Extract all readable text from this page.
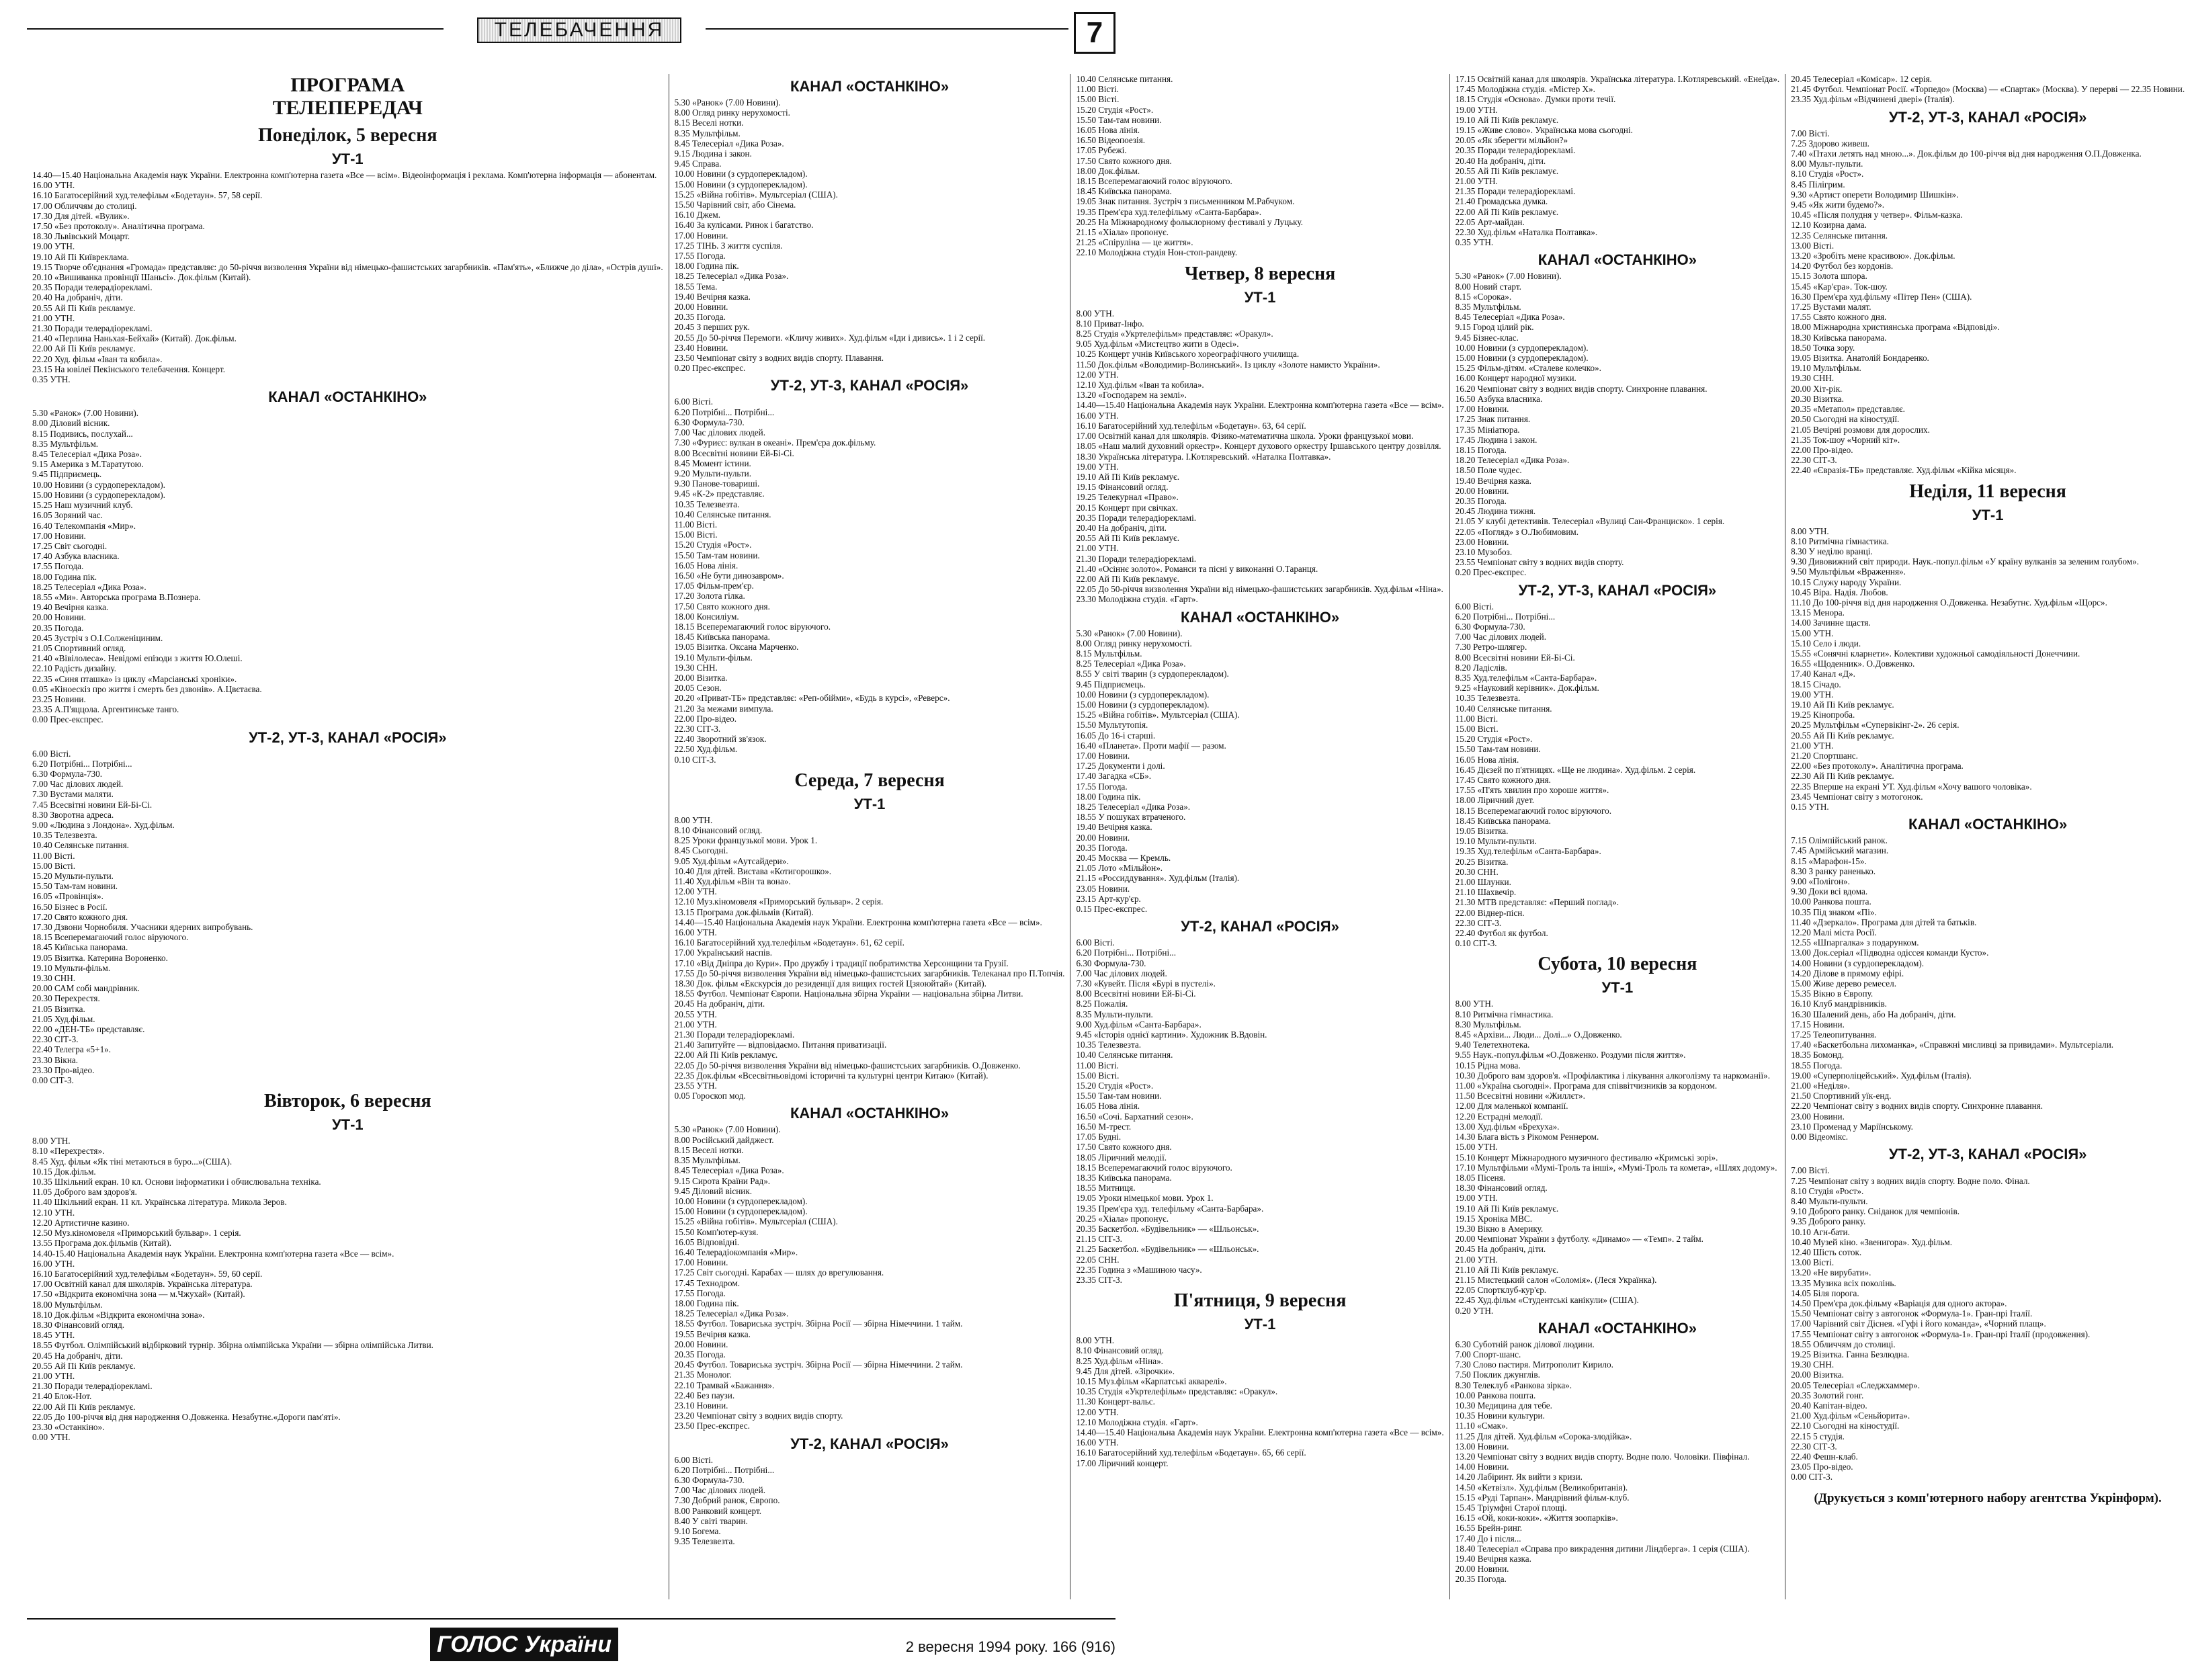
ТЕЛЕБАЧЕННЯ	7
ПРОГРАМА
ТЕЛЕПЕРЕДАЧ
Понеділок, 5 вересня
УТ-1
14.40—15.40 Національна Академія наук України. Електронна комп'ютерна газета «Все — всім». Відеоінформація і реклама. Комп'ютерна інформація — абонентам.
16.00 УТН.
16.10 Багатосерійний худ.телефільм «Бодетаун». 57, 58 серії.
17.00 Обличчям до столиці.
17.30 Для дітей. «Вулик».
17.50 «Без протоколу». Аналітична програма.
18.30 Львівський Моцарт.
19.00 УТН.
19.10 Ай Пі Київреклама.
19.15 Творче об'єднання «Громада» представляє: до 50-річчя визволення України від німецько-фашистських загарбників. «Пам'ять», «Ближче до діла», «Острів душі».
20.10 «Вишиванка провінції Шаньсі». Док.фільм (Китай).
20.35 Поради телерадіорекламі.
20.40 На добраніч, діти.
20.55 Ай Пі Київ рекламує.
21.00 УТН.
21.30 Поради телерадіорекламі.
21.40 «Перлина Наньхая-Бейхай» (Китай). Док.фільм.
22.00 Ай Пі Київ рекламує.
22.20 Худ. фільм «Іван та кобила».
23.15 На ювілеї Пекінського телебачення. Концерт.
0.35 УТН.
КАНАЛ «ОСТАНКІНО»
5.30 «Ранок» (7.00 Новини).
8.00 Діловий вісник.
8.15 Подивись, послухай...
8.35 Мультфільм.
8.45 Телесеріал «Дика Роза».
9.15 Америка з М.Таратутою.
9.45 Підприємець.
10.00 Новини (з сурдоперекладом).
15.00 Новини (з сурдоперекладом).
15.25 Наш музичний клуб.
16.05 Зоряний час.
16.40 Телекомпанія «Мир».
17.00 Новини.
17.25 Світ сьогодні.
17.40 Азбука власника.
17.55 Погода.
18.00 Година пік.
18.25 Телесеріал «Дика Роза».
18.55 «Ми». Авторська програма В.Познера.
19.40 Вечірня казка.
20.00 Новини.
20.35 Погода.
20.45 Зустріч з О.І.Солженіциним.
21.05 Спортивний огляд.
21.40 «Вівілолеса». Невідомі епізоди з життя Ю.Олеші.
22.10 Радість дизайну.
22.35 «Синя пташка» із циклу «Марсіанські хроніки».
0.05 «Кіноескіз про життя і смерть без дзвонів». А.Цвєтаєва.
23.25 Новини.
23.35 А.П'яццола. Аргентинське танго.
0.00 Прес-експрес.
УТ-2, УТ-3, КАНАЛ «РОСІЯ»
6.00 Вісті.
6.20 Потрібні... Потрібні...
6.30 Формула-730.
7.00 Час ділових людей.
7.30 Вустами маляти.
7.45 Всесвітні новини Ей-Бі-Сі.
8.30 Зворотна адреса.
9.00 «Людина з Лондона». Худ.фільм.
10.35 Телезвезта.
10.40 Селянське питання.
11.00 Вісті.
15.00 Вісті.
15.20 Мульти-пульти.
15.50 Там-там новини.
16.05 «Провінція».
16.50 Бізнес в Росії.
17.20 Свято кожного дня.
17.30 Дзвони Чорнобиля. Учасники ядерних випробувань.
18.15 Всеперемагаючий голос віруючого.
18.45 Київська панорама.
19.05 Візитка. Катерина Вороненко.
19.10 Мульти-фільм.
19.30 СНН.
20.00 САМ собі мандрівник.
20.30 Перехрестя.
21.05 Візитка.
21.05 Худ.фільм.
22.00 «ДЕН-ТБ» представляє.
22.30 СІТ-3.
22.40 Телегра «5+1».
23.30 Вікна.
23.30 Про-відео.
0.00 СІТ-3.
Вівторок, 6 вересня
УТ-1
8.00 УТН.
8.10 «Перехрестя».
8.45 Худ. фільм «Як тіні метаються в буро...»(США).
10.15 Док.фільм.
10.35 Шкільний екран. 10 кл. Основи інформатики і обчислювальна техніка.
11.05 Доброго вам здоров'я.
11.40 Шкільний екран. 11 кл. Українська література. Микола Зеров.
12.10 УТН.
12.20 Артистичне казино.
12.50 Муз.кіномовеля «Приморський бульвар». 1 серія.
13.55 Програма док.фільмів (Китай).
14.40-15.40 Національна Академія наук України. Електронна комп'ютерна газета «Все — всім».
16.00 УТН.
16.10 Багатосерійний худ.телефільм «Бодетаун». 59, 60 серії.
17.00 Освітній канал для школярів. Українська література.
17.50 «Відкрита економічна зона — м.Чжухай» (Китай).
18.00 Мультфільм.
18.10 Док.фільм «Відкрита економічна зона».
18.30 Фінансовий огляд.
18.45 УТН.
18.55 Футбол. Олімпійський відбірковий турнір. Збірна олімпійська України — збірна олімпійська Литви.
20.45 На добраніч, діти.
20.55 Ай Пі Київ рекламує.
21.00 УТН.
21.30 Поради телерадіорекламі.
21.40 Блок-Нот.
22.00 Ай Пі Київ рекламує.
22.05 До 100-річчя від дня народження О.Довженка. Незабутнє.«Дороги пам'яті».
23.30 «Останкіно».
0.00 УТН.
КАНАЛ «ОСТАНКІНО»
5.30 «Ранок» (7.00 Новини).
8.00 Огляд ринку нерухомості.
8.15 Веселі нотки.
8.35 Мультфільм.
8.45 Телесеріал «Дика Роза».
9.15 Людина і закон.
9.45 Справа.
10.00 Новини (з сурдоперекладом).
15.00 Новини (з сурдоперекладом).
15.25 «Війна гобітів». Мультсеріал (США).
15.50 Чарівний світ, або Сінема.
16.10 Джем.
16.40 За кулісами. Ринок і багатство.
17.00 Новини.
17.25 ТІНЬ. З життя суспіля.
17.55 Погода.
18.00 Година пік.
18.25 Телесеріал «Дика Роза».
18.55 Тема.
19.40 Вечірня казка.
20.00 Новини.
20.35 Погода.
20.45 З перших рук.
20.55 До 50-річчя Перемоги. «Кличу живих». Худ.фільм «Іди і дивись». 1 і 2 серії.
23.40 Новини.
23.50 Чемпіонат світу з водних видів спорту. Плавання.
0.20 Прес-експрес.
УТ-2, УТ-3, КАНАЛ «РОСІЯ»
6.00 Вісті.
6.20 Потрібні... Потрібні...
6.30 Формула-730.
7.00 Час ділових людей.
7.30 «Фуриєс: вулкан в океані». Прем'єра док.фільму.
8.00 Всесвітні новини Ей-Бі-Сі.
8.45 Момент істини.
9.20 Мульти-пульти.
9.30 Панове-товариші.
9.45 «К-2» представляє.
10.35 Телезвезта.
10.40 Селянське питання.
11.00 Вісті.
15.00 Вісті.
15.20 Студія «Рост».
15.50 Там-там новини.
16.05 Нова лінія.
16.50 «Не бути динозавром».
17.05 Фільм-прем'єр.
17.20 Золота гілка.
17.50 Свято кожного дня.
18.00 Консиліум.
18.15 Всеперемагаючий голос віруючого.
18.45 Київська панорама.
19.05 Візитка. Оксана Марченко.
19.10 Мульти-фільм.
19.30 СНН.
20.00 Візитка.
20.05 Сезон.
20.20 «Приват-ТБ» представляє: «Реп-обійми», «Будь в курсі», «Реверс».
21.20 За межами вимпула.
22.00 Про-відео.
22.30 СІТ-3.
22.40 Зворотний зв'язок.
22.50 Худ.фільм.
0.10 СІТ-3.
Середа, 7 вересня
УТ-1
8.00 УТН.
8.10 Фінансовий огляд.
8.25 Уроки французької мови. Урок 1.
8.45 Сьогодні.
9.05 Худ.фільм «Аутсайдери».
10.40 Для дітей. Вистава «Котигорошко».
11.40 Худ.фільм «Він та вона».
12.00 УТН.
12.10 Муз.кіномовеля «Приморський бульвар». 2 серія.
13.15 Програма док.фільмів (Китай).
14.40—15.40 Національна Академія наук України. Електронна комп'ютерна газета «Все — всім».
16.00 УТН.
16.10 Багатосерійний худ.телефільм «Бодетаун». 61, 62 серії.
17.00 Український наспів.
17.10 «Від Дніпра до Кури». Про дружбу і традиції побратимства Херсонщини та Грузії.
17.55 До 50-річчя визволення України від німецько-фашистських загарбників. Телеканал про П.Топчія.
18.30 Док. фільм «Екскурсія до резиденції для вищих гостей Цзяоюйтай» (Китай).
18.55 Футбол. Чемпіонат Європи. Національна збірна України — національна збірна Литви.
20.45 На добраніч, діти.
20.55 УТН.
21.00 УТН.
21.30 Поради телерадіорекламі.
21.40 Запитуйте — відповідаємо. Питання приватизації.
22.00 Ай Пі Київ рекламує.
22.05 До 50-річчя визволення України від німецько-фашистських загарбників. О.Довженко.
22.35 Док.фільм «Всесвітньовідомі історичні та культурні центри Китаю» (Китай).
23.55 УТН.
0.05 Гороскоп мод.
КАНАЛ «ОСТАНКІНО»
5.30 «Ранок» (7.00 Новини).
8.00 Російський дайджест.
8.15 Веселі нотки.
8.35 Мультфільм.
8.45 Телесеріал «Дика Роза».
9.15 Сирота Країни Рад».
9.45 Діловий вісник.
10.00 Новини (з сурдоперекладом).
15.00 Новини (з сурдоперекладом).
15.25 «Війна гобітів». Мультсеріал (США).
15.50 Комп'ютер-кузя.
16.05 Відповідні.
16.40 Телерадіокомпанія «Мир».
17.00 Новини.
17.25 Світ сьогодні. Карабах — шлях до врегулювання.
17.45 Технодром.
17.55 Погода.
18.00 Година пік.
18.25 Телесеріал «Дика Роза».
18.55 Футбол. Товариська зустріч. Збірна Росії — збірна Німеччини. 1 тайм.
19.55 Вечірня казка.
20.00 Новини.
20.35 Погода.
20.45 Футбол. Товариська зустріч. Збірна Росії — збірна Німеччини. 2 тайм.
21.35 Монолог.
22.10 Трамвай «Бажання».
22.40 Без паузи.
23.10 Новини.
23.20 Чемпіонат світу з водних видів спорту.
23.50 Прес-експрес.
УТ-2, КАНАЛ «РОСІЯ»
6.00 Вісті.
6.20 Потрібні... Потрібні...
6.30 Формула-730.
7.00 Час ділових людей.
7.30 Добрий ранок, Європо.
8.00 Ранковий концерт.
8.40 У світі тварин.
9.10 Богема.
9.35 Телезвезта.
10.40 Селянське питання.
11.00 Вісті.
15.00 Вісті.
15.20 Студія «Рост».
15.50 Там-там новини.
16.05 Нова лінія.
16.50 Відеопоезія.
17.05 Рубежі.
17.50 Свято кожного дня.
18.00 Док.фільм.
18.15 Всеперемагаючий голос віруючого.
18.45 Київська панорама.
19.05 Знак питання. Зустріч з письменником М.Рабчуком.
19.35 Прем'єра худ.телефільму «Санта-Барбара».
20.25 На Міжнародному фольклорному фестивалі у Луцьку.
21.15 «Хіала» пропонує.
21.25 «Спіруліна — це життя».
22.10 Молодіжна студія Нон-стоп-рандеву.
Четвер, 8 вересня
УТ-1
8.00 УТН.
8.10 Приват-Інфо.
8.25 Студія «Укртелефільм» представляє: «Оракул».
9.05 Худ.фільм «Мистецтво жити в Одесі».
10.25 Концерт учнів Київського хореографічного училища.
11.50 Док.фільм «Володимир-Волинський». Із циклу «Золоте намисто України».
12.00 УТН.
12.10 Худ.фільм «Іван та кобила».
13.20 «Господарем на землі».
14.40—15.40 Національна Академія наук України. Електронна комп'ютерна газета «Все — всім».
16.00 УТН.
16.10 Багатосерійний худ.телефільм «Бодетаун». 63, 64 серії.
17.00 Освітній канал для школярів. Фізико-математична школа. Уроки французької мови.
18.05 «Наш малий духовний оркестр». Концерт духового оркестру Іршавського центру дозвілля.
18.30 Українська література. І.Котляревський. «Наталка Полтавка».
19.00 УТН.
19.10 Ай Пі Київ рекламує.
19.15 Фінансовий огляд.
19.25 Телекурнал «Право».
20.15 Концерт при свічках.
20.35 Поради телерадіорекламі.
20.40 На добраніч, діти.
20.55 Ай Пі Київ рекламує.
21.00 УТН.
21.30 Поради телерадіорекламі.
21.40 «Осіннє золото». Романси та пісні у виконанні О.Таранця.
22.00 Ай Пі Київ рекламує.
22.05 До 50-річчя визволення України від німецько-фашистських загарбників. Худ.фільм «Ніна».
23.30 Молодіжна студія. «Гарт».
КАНАЛ «ОСТАНКІНО»
5.30 «Ранок» (7.00 Новини).
8.00 Огляд ринку нерухомості.
8.15 Мультфільм.
8.25 Телесеріал «Дика Роза».
8.55 У світі тварин (з сурдоперекладом).
9.45 Підприємець.
10.00 Новини (з сурдоперекладом).
15.00 Новини (з сурдоперекладом).
15.25 «Війна гобітів». Мультсеріал (США).
15.50 Мультутопія.
16.05 До 16-і старші.
16.40 «Планета». Проти мафії — разом.
17.00 Новини.
17.25 Документи і долі.
17.40 Загадка «СБ».
17.55 Погода.
18.00 Година пік.
18.25 Телесеріал «Дика Роза».
18.55 У пошуках втраченого.
19.40 Вечірня казка.
20.00 Новини.
20.35 Погода.
20.45 Москва — Кремль.
21.05 Лото «Мільйон».
21.15 «Россиддування». Худ.фільм (Італія).
23.05 Новини.
23.15 Арт-кур'єр.
0.15 Прес-експрес.
УТ-2, КАНАЛ «РОСІЯ»
6.00 Вісті.
6.20 Потрібні... Потрібні...
6.30 Формула-730.
7.00 Час ділових людей.
7.30 «Кувейт. Після «Бурі в пустелі».
8.00 Всесвітні новини Ей-Бі-Сі.
8.25 Пожалія.
8.35 Мульти-пульти.
9.00 Худ.фільм «Санта-Барбара».
9.45 «Історія однієї картини». Художник В.Вдовін.
10.35 Телезвезта.
10.40 Селянське питання.
11.00 Вісті.
15.00 Вісті.
15.20 Студія «Рост».
15.50 Там-там новини.
16.05 Нова лінія.
16.50 «Сочі. Бархатний сезон».
16.50 М-трест.
17.05 Будні.
17.50 Свято кожного дня.
18.05 Ліричний мелодії.
18.15 Всеперемагаючий голос віруючого.
18.35 Київська панорама.
18.55 Митниця.
19.05 Уроки німецької мови. Урок 1.
19.35 Прем'єра худ. телефільму «Санта-Барбара».
20.25 «Хіала» пропонує.
20.35 Баскетбол. «Будівельник» — «Шльонськ».
21.15 СІТ-3.
21.25 Баскетбол. «Будівельник» — «Шльонськ».
22.05 СНН.
22.35 Година з «Машиною часу».
23.35 СІТ-3.
П'ятниця, 9 вересня
УТ-1
8.00 УТН.
8.10 Фінансовий огляд.
8.25 Худ.фільм «Ніна».
9.45 Для дітей. «Зірочки».
10.15 Муз.фільм «Карпатські акварелі».
10.35 Студія «Укртелефільм» представляє: «Оракул».
11.30 Концерт-вальс.
12.00 УТН.
12.10 Молодіжна студія. «Гарт».
14.40—15.40 Національна Академія наук України. Електронна комп'ютерна газета «Все — всім».
16.00 УТН.
16.10 Багатосерійний худ.телефільм «Бодетаун». 65, 66 серії.
17.00 Ліричний концерт.
17.15 Освітній канал для школярів. Українська література. І.Котляревський. «Енеїда».
17.45 Молодіжна студія. «Містер Х».
18.15 Студія «Основа». Думки проти течії.
19.00 УТН.
19.10 Ай Пі Київ рекламує.
19.15 «Живе слово». Українська мова сьогодні.
20.05 «Як зберегти мільйон?»
20.35 Поради телерадіорекламі.
20.40 На добраніч, діти.
20.55 Ай Пі Київ рекламує.
21.00 УТН.
21.35 Поради телерадіорекламі.
21.40 Громадська думка.
22.00 Ай Пі Київ рекламує.
22.05 Арт-майдан.
22.30 Худ.фільм «Наталка Полтавка».
0.35 УТН.
КАНАЛ «ОСТАНКІНО»
5.30 «Ранок» (7.00 Новини).
8.00 Новий старт.
8.15 «Сорока».
8.35 Мультфільм.
8.45 Телесеріал «Дика Роза».
9.15 Город цілий рік.
9.45 Бізнес-клас.
10.00 Новини (з сурдоперекладом).
15.00 Новини (з сурдоперекладом).
15.25 Фільм-дітям. «Сталеве колечко».
16.00 Концерт народної музики.
16.20 Чемпіонат світу з водних видів спорту. Синхронне плавання.
16.50 Азбука власника.
17.00 Новини.
17.25 Знак питання.
17.35 Мініатюра.
17.45 Людина і закон.
18.15 Погода.
18.20 Телесеріал «Дика Роза».
18.50 Поле чудес.
19.40 Вечірня казка.
20.00 Новини.
20.35 Погода.
20.45 Людина тижня.
21.05 У клубі детективів. Телесеріал «Вулиці Сан-Франциско». 1 серія.
22.05 «Погляд» з О.Любимовим.
23.00 Новини.
23.10 Музобоз.
23.55 Чемпіонат світу з водних видів спорту.
0.20 Прес-експрес.
УТ-2, УТ-3, КАНАЛ «РОСІЯ»
6.00 Вісті.
6.20 Потрібні... Потрібні...
6.30 Формула-730.
7.00 Час ділових людей.
7.30 Ретро-шлягер.
8.00 Всесвітні новини Ей-Бі-Сі.
8.20 Ладіслів.
8.35 Худ.телефільм «Санта-Барбара».
9.25 «Науковий керівник». Док.фільм.
10.35 Телезвезта.
10.40 Селянське питання.
11.00 Вісті.
15.00 Вісті.
15.20 Студія «Рост».
15.50 Там-там новини.
16.05 Нова лінія.
16.45 Дієзей по п'ятницях. «Ще не людина». Худ.фільм. 2 серія.
17.45 Свято кожного дня.
17.55 «П'ять хвилин про хороше життя».
18.00 Ліричний дует.
18.15 Всеперемагаючий голос віруючого.
18.45 Київська панорама.
19.05 Візитка.
19.10 Мульти-пульти.
19.35 Худ.телефільм «Санта-Барбара».
20.25 Візитка.
20.30 СНН.
21.00 Шлунки.
21.10 Шахвечір.
21.30 МТВ представляє: «Перший поглад».
22.00 Віднер-пісн.
22.30 СІТ-3.
22.40 Футбол як футбол.
0.10 СІТ-3.
Субота, 10 вересня
УТ-1
8.00 УТН.
8.10 Ритмічна гімнастика.
8.30 Мультфільм.
8.45 «Архіви... Люди... Долі...» О.Довженко.
9.40 Телетехнотека.
9.55 Наук.-попул.фільм «О.Довженко. Роздуми після життя».
10.15 Рідна мова.
10.30 Доброго вам здоров'я. «Профілактика і лікування алкоголізму та наркоманії».
11.00 «Україна сьогодні». Програма для співвітчизників за кордоном.
11.50 Всесвітні новини «Жиллєт».
12.00 Для маленької компанії.
12.20 Естрадні мелодії.
13.00 Худ.фільм «Брехуха».
14.30 Блага вість з Рікомом Реннером.
15.00 УТН.
15.10 Концерт Міжнародного музичного фестивалю «Кримські зорі».
17.10 Мультфільми «Мумі-Троль та інші», «Мумі-Троль та комета», «Шлях додому».
18.05 Пісеня.
18.30 Фінансовий огляд.
19.00 УТН.
19.10 Ай Пі Київ рекламує.
19.15 Хроніка МВС.
19.30 Вікно в Америку.
20.00 Чемпіонат України з футболу. «Динамо» — «Темп». 2 тайм.
20.45 На добраніч, діти.
21.00 УТН.
21.10 Ай Пі Київ рекламує.
21.15 Мистецький салон «Соломія». (Леся Українка).
22.05 Спортклуб-кур'єр.
22.45 Худ.фільм «Студентські канікули» (США).
0.20 УТН.
КАНАЛ «ОСТАНКІНО»
6.30 Суботній ранок ділової людини.
7.00 Спорт-шанс.
7.30 Слово пастиря. Митрополит Кирило.
7.50 Поклик джунглів.
8.30 Телеклуб «Ранкова зірка».
10.00 Ранкова пошта.
10.30 Медицина для тебе.
10.35 Новини культури.
11.10 «Смак».
11.25 Для дітей. Худ.фільм «Сорока-злодійка».
13.00 Новини.
13.20 Чемпіонат світу з водних видів спорту. Водне поло. Чоловіки. Півфінал.
14.00 Новини.
14.20 Лабіринт. Як вийти з кризи.
14.50 «Кетвізл». Худ.фільм (Великобританія).
15.15 «Руді Тарпан». Мандрівний фільм-клуб.
15.45 Тріумфні Старої площі.
16.15 «Ой, коки-коки». «Життя зоопарків».
16.55 Брейн-ринг.
17.40 До і після...
18.40 Телесеріал «Справа про викрадення дитини Ліндберга». 1 серія (США).
19.40 Вечірня казка.
20.00 Новини.
20.35 Погода.
20.45 Телесеріал «Комісар». 12 серія.
21.45 Футбол. Чемпіонат Росії. «Торпедо» (Москва) — «Спартак» (Москва). У перерві — 22.35 Новини.
23.35 Худ.фільм «Відчинені двері» (Італія).
УТ-2, УТ-3, КАНАЛ «РОСІЯ»
7.00 Вісті.
7.25 Здорово живеш.
7.40 «Птахи летять над мною...». Док.фільм до 100-річчя від дня народження О.П.Довженка.
8.00 Мульт-пульти.
8.10 Студія «Рост».
8.45 Пілігрим.
9.30 «Артист оперети Володимир Шишкін».
9.45 «Як жити будемо?».
10.45 «Після полудня у четвер». Фільм-казка.
12.10 Козирна дама.
12.35 Селянське питання.
13.00 Вісті.
13.20 «Зробіть мене красивою». Док.фільм.
14.20 Футбол без кордонів.
15.15 Золота шпора.
15.45 «Кар'єра». Ток-шоу.
16.30 Прем'єра худ.фільму «Пітер Пен» (США).
17.25 Вустами малят.
17.55 Свято кожного дня.
18.00 Міжнародна християнська програма «Відповіді».
18.30 Київська панорама.
18.50 Точка зору.
19.05 Візитка. Анатолій Бондаренко.
19.10 Мультфільм.
19.30 СНН.
20.00 Хіт-рік.
20.30 Візитка.
20.35 «Метапол» представляє.
20.50 Сьогодні на кіностудії.
21.05 Вечірні розмови для дорослих.
21.35 Ток-шоу «Чорний кіт».
22.00 Про-відео.
22.30 СІТ-3.
22.40 «Євразія-ТБ» представляє. Худ.фільм «Кійка місяця».
Неділя, 11 вересня
УТ-1
8.00 УТН.
8.10 Ритмічна гімнастика.
8.30 У неділю вранці.
9.30 Дивовижний світ природи. Наук.-попул.фільм «У країну вулканів за зеленим голубом».
9.50 Мультфільм «Враження».
10.15 Служу народу України.
10.45 Віра. Надія. Любов.
11.10 До 100-річчя від дня народження О.Довженка. Незабутнє. Худ.фільм «Щорс».
13.15 Менора.
14.00 Зачинне щастя.
15.00 УТН.
15.10 Село і люди.
15.55 «Сонячні кларнети». Колективи художньої самодіяльності Донеччини.
16.55 «Щоденник». О.Довженко.
17.40 Канал «Д».
18.15 Січадо.
19.00 УТН.
19.10 Ай Пі Київ рекламує.
19.25 Кінопроба.
20.25 Мультфільм «Супервікінг-2». 26 серія.
20.55 Ай Пі Київ рекламує.
21.00 УТН.
21.20 Спортшанс.
22.00 «Без протоколу». Аналітична програма.
22.30 Ай Пі Київ рекламує.
22.35 Вперше на екрані УТ. Худ.фільм «Хочу вашого чоловіка».
23.45 Чемпіонат світу з мотогонок.
0.15 УТН.
КАНАЛ «ОСТАНКІНО»
7.15 Олімпійський ранок.
7.45 Армійський магазин.
8.15 «Марафон-15».
8.30 З ранку раненько.
9.00 «Полігон».
9.30 Доки всі вдома.
10.00 Ранкова пошта.
10.35 Під знаком «Пі».
11.40 «Дзеркало». Програма для дітей та батьків.
12.20 Малі міста Росії.
12.55 «Шпаргалка» з подарунком.
13.00 Док.серіал «Підводна одіссея команди Кусто».
14.00 Новини (з сурдоперекладом).
14.20 Ділове в прямому ефірі.
15.00 Живе дерево ремесел.
15.35 Вікно в Європу.
16.10 Клуб мандрівників.
16.30 Шалений день, або На добраніч, діти.
17.15 Новини.
17.25 Телеопитування.
17.40 «Баскетбольна лихоманка», «Справжні мисливці за привидами». Мультсеріали.
18.35 Бомонд.
18.55 Погода.
19.00 «Суперполіцейський». Худ.фільм (Італія).
21.00 «Неділя».
21.50 Спортивний уїк-енд.
22.20 Чемпіонат світу з водних видів спорту. Синхронне плавання.
23.00 Новини.
23.10 Променад у Маріїнському.
0.00 Відеомікс.
УТ-2, УТ-3, КАНАЛ «РОСІЯ»
7.00 Вісті.
7.25 Чемпіонат світу з водних видів спорту. Водне поло. Фінал.
8.10 Студія «Рост».
8.40 Мульти-пульти.
9.10 Доброго ранку. Сніданок для чемпіонів.
9.35 Доброго ранку.
10.10 Агн-бати.
10.40 Музей кіно. «Звенигора». Худ.фільм.
12.40 Шість соток.
13.00 Вісті.
13.20 «Не вирубати».
13.35 Музика всіх поколінь.
14.05 Біля порога.
14.50 Прем'єра док.фільму «Варіація для одного актора».
15.50 Чемпіонат світу з автогонок «Формула-1». Гран-прі Італії.
17.00 Чарівний світ Діснея. «Гуфі і його команда», «Чорний плащ».
17.55 Чемпіонат світу з автогонок «Формула-1». Гран-прі Італії (продовження).
18.55 Обличчям до столиці.
19.25 Візитка. Ганна Безлюдна.
19.30 СНН.
20.00 Візитка.
20.05 Телесеріал «Следжхаммер».
20.35 Золотий гонг.
20.40 Капітан-відео.
21.00 Худ.фільм «Сеньйорита».
22.10 Сьогодні на кіностудії.
22.15 5 студія.
22.30 СІТ-3.
22.40 Фешн-клаб.
23.05 Про-відео.
0.00 СІТ-3.
(Друкується з комп'ютерного набору агентства Укрінформ).
ГОЛОС України	2 вересня 1994 року. 166 (916)
